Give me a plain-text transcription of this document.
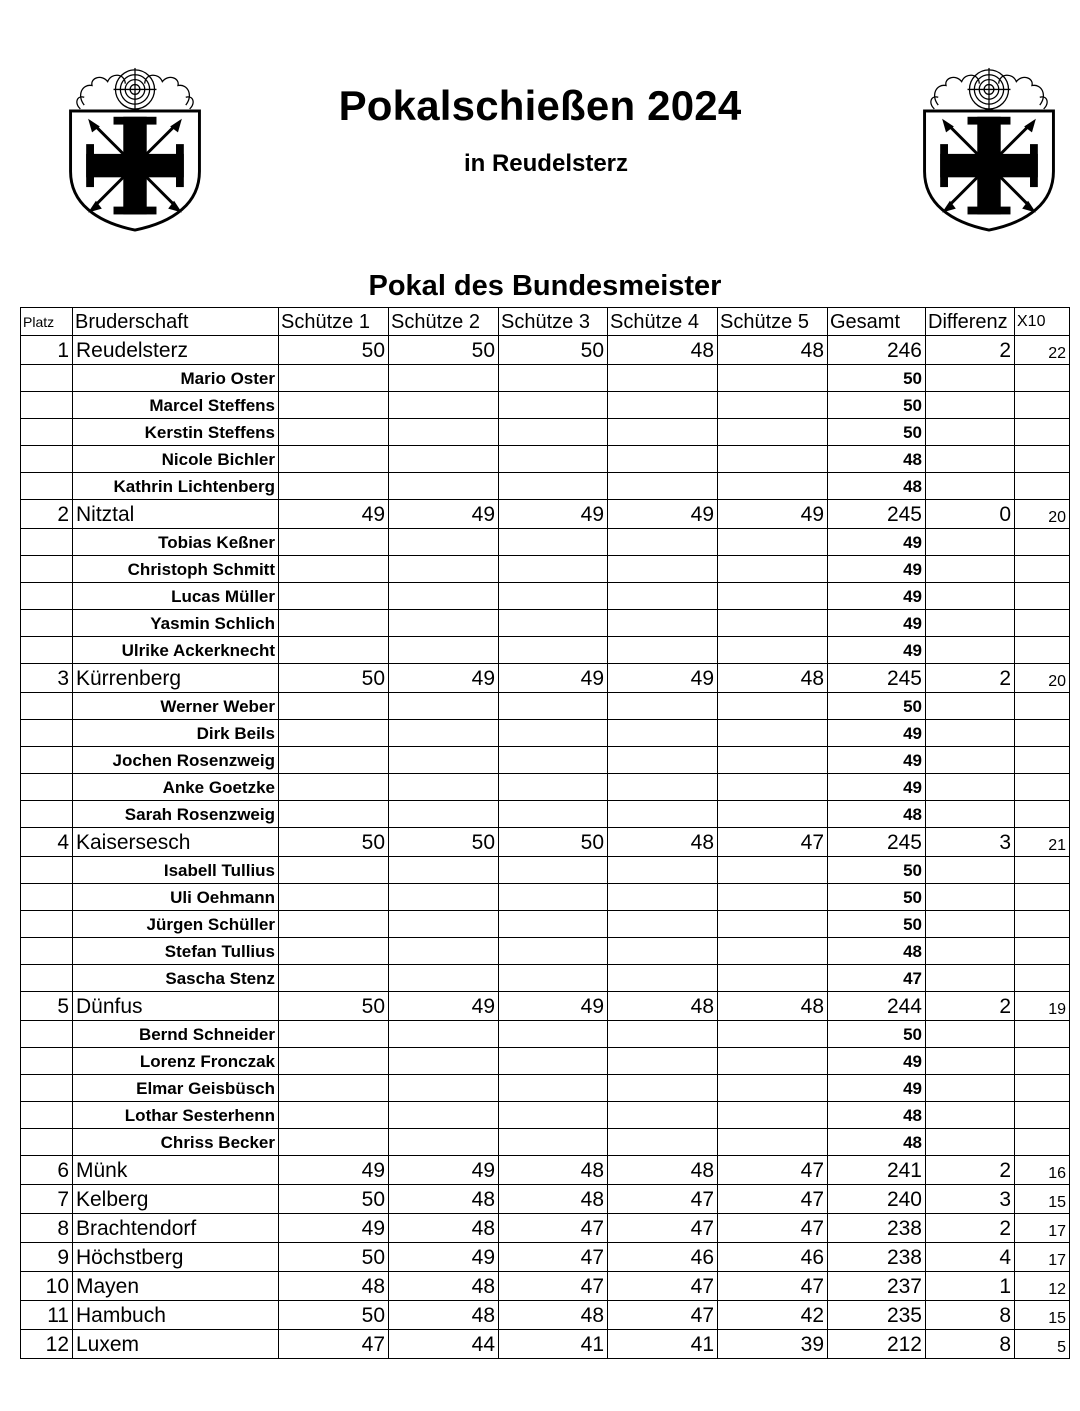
Pokalschießen 2024
in Reudelsterz
Pokal des Bundesmeister
Platz	Bruderschaft	Schütze 1	Schütze 2	Schütze 3	Schütze 4	Schütze 5	Gesamt	Differenz	X10
1	Reudelsterz	50	50	50	48	48	246	2	22
	Mario Oster						50		
	Marcel Steffens						50		
	Kerstin Steffens						50		
	Nicole Bichler						48		
	Kathrin Lichtenberg						48		
2	Nitztal	49	49	49	49	49	245	0	20
	Tobias Keßner						49		
	Christoph Schmitt						49		
	Lucas Müller						49		
	Yasmin Schlich						49		
	Ulrike Ackerknecht						49		
3	Kürrenberg	50	49	49	49	48	245	2	20
	Werner Weber						50		
	Dirk Beils						49		
	Jochen Rosenzweig						49		
	Anke Goetzke						49		
	Sarah Rosenzweig						48		
4	Kaisersesch	50	50	50	48	47	245	3	21
	Isabell Tullius						50		
	Uli Oehmann						50		
	Jürgen Schüller						50		
	Stefan Tullius						48		
	Sascha Stenz						47		
5	Dünfus	50	49	49	48	48	244	2	19
	Bernd Schneider						50		
	Lorenz Fronczak						49		
	Elmar Geisbüsch						49		
	Lothar Sesterhenn						48		
	Chriss Becker						48		
6	Münk	49	49	48	48	47	241	2	16
7	Kelberg	50	48	48	47	47	240	3	15
8	Brachtendorf	49	48	47	47	47	238	2	17
9	Höchstberg	50	49	47	46	46	238	4	17
10	Mayen	48	48	47	47	47	237	1	12
11	Hambuch	50	48	48	47	42	235	8	15
12	Luxem	47	44	41	41	39	212	8	5
